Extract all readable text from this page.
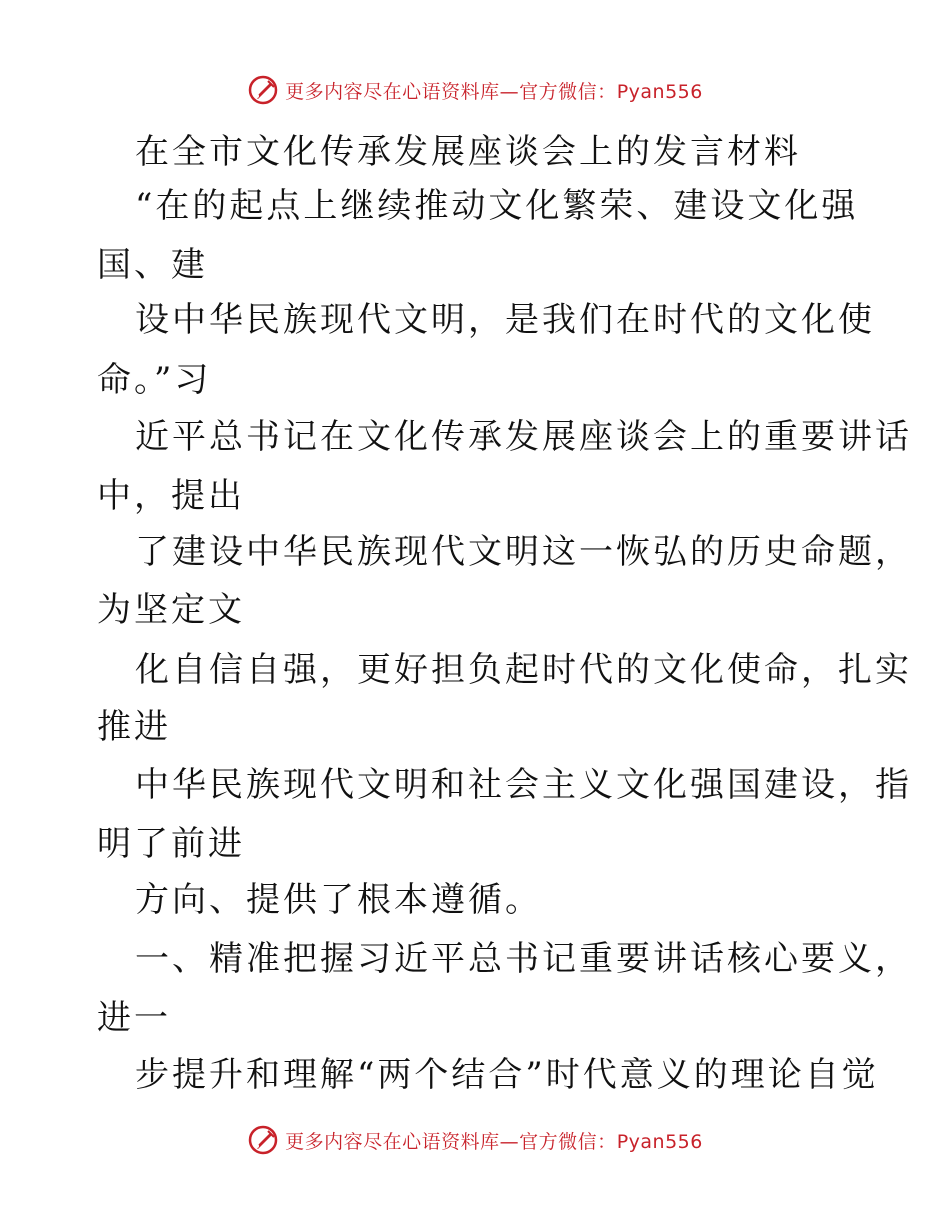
更多内容尽在心语资料库—官方微信：Pyan556
在全市文化传承发展座谈会上的发言材料
“在的起点上继续推动文化繁荣、建设文化强
国、建
设中华民族现代文明，是我们在时代的文化使
命。”习
近平总书记在文化传承发展座谈会上的重要讲话
中，提出
了建设中华民族现代文明这一恢弘的历史命题，
为坚定文
化自信自强，更好担负起时代的文化使命，扎实
推进
中华民族现代文明和社会主义文化强国建设，指
明了前进
方向、提供了根本遵循。
一、精准把握习近平总书记重要讲话核心要义，
进一
步提升和理解“两个结合”时代意义的理论自觉
更多内容尽在心语资料库—官方微信：Pyan556
